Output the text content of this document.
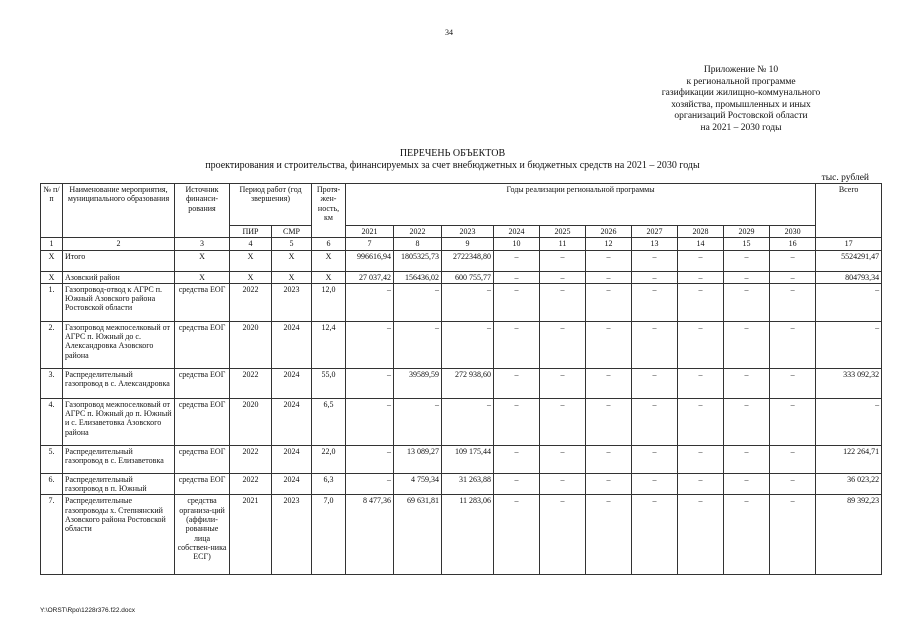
34
Приложение № 10
к региональной программе
газификации жилищно-коммунального
хозяйства, промышленных и иных
организаций Ростовской области
на 2021 – 2030 годы
ПЕРЕЧЕНЬ ОБЪЕКТОВ
проектирования и строительства, финансируемых за счет внебюджетных и бюджетных средств на 2021 – 2030 годы
тыс. рублей
№ п/п	Наименование мероприятия, муниципального образования	Источник финанси-рования	Период работ (год звершения)		Протя-жен-ность, км	Годы реализации региональной программы										Всего
			ПИР	СМР		2021	2022	2023	2024	2025	2026	2027	2028	2029	2030	
1	2	3	4	5	6	7	8	9	10	11	12	13	14	15	16	17
Х	Итого	Х	Х	Х	Х	996616,94	1805325,73	2722348,80	–	–	–	–	–	–	–	5524291,47
Х	Азовский район	Х	Х	Х	Х	27 037,42	156436,02	600 755,77	–	–	–	–	–	–	–	804793,34
1.	Газопровод-отвод к АГРС п. Южный Азовского района Ростовской области	средства ЕОГ	2022	2023	12,0	–	–	–	–	–	–	–	–	–	–	–
2.	Газопровод межпоселковый от АГРС п. Южный до с. Александровка Азовского района	средства ЕОГ	2020	2024	12,4	–	–	–	–	–	–	–	–	–	–	–
3.	Распределительный газопровод в с. Александровка	средства ЕОГ	2022	2024	55,0	–	39589,59	272 938,60	–	–	–	–	–	–	–	333 092,32
4.	Газопровод межпоселковый от АГРС п. Южный до п. Южный и с. Елизаветовка Азовского района	средства ЕОГ	2020	2024	6,5	–	–	–	–	–	–	–	–	–	–	–
5.	Распределительный газопровод в с. Елизаветовка	средства ЕОГ	2022	2024	22,0	–	13 089,27	109 175,44	–	–	–	–	–	–	–	122 264,71
6.	Распределительный газопровод в п. Южный	средства ЕОГ	2022	2024	6,3	–	4 759,34	31 263,88	–	–	–	–	–	–	–	36 023,22
7.	Распределительные газопроводы х. Степнянский Азовского района Ростовской области	средства организа-ций (аффили-рованные лица собствен-ника ЕСГ)	2021	2023	7,0	8 477,36	69 631,81	11 283,06	–	–	–	–	–	–	–	89 392,23
Y:\ORST\Rpo\1228r376.f22.docx
